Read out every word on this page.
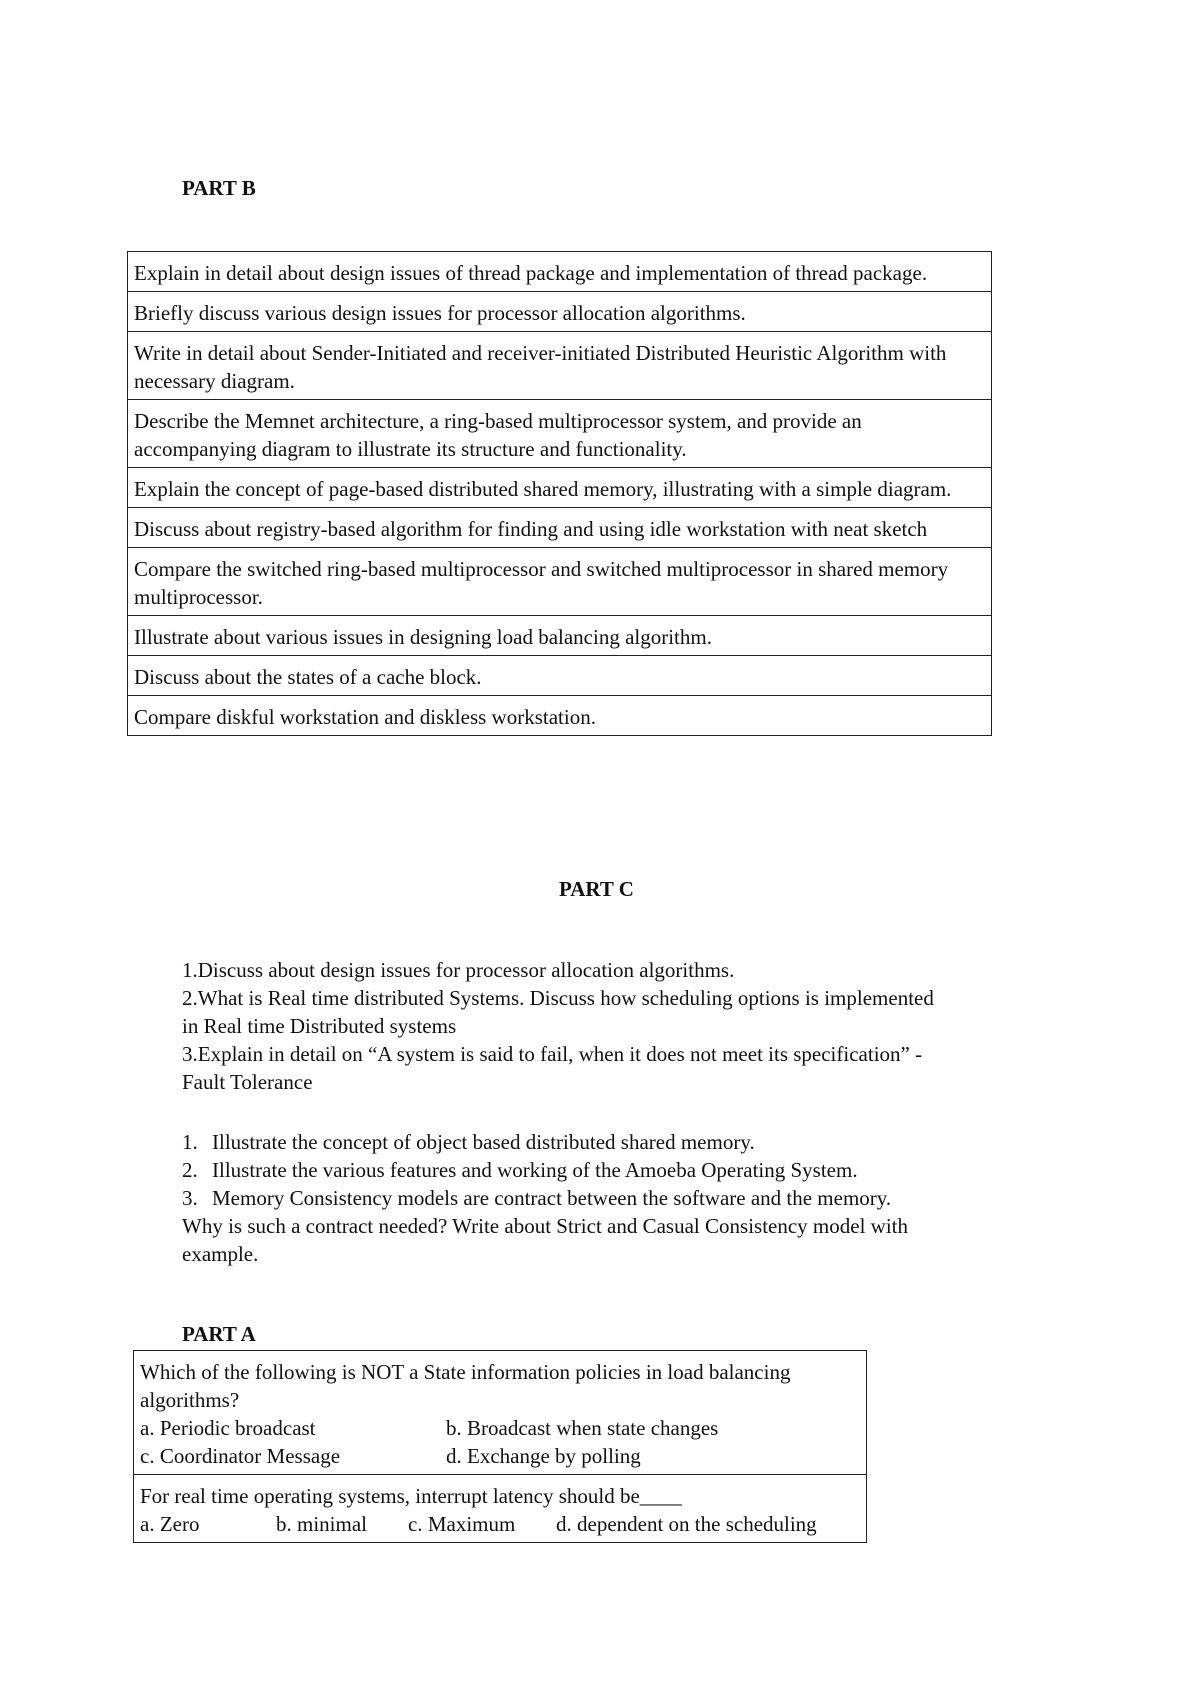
PART B
Explain in detail about design issues of thread package and implementation of thread package.
Briefly discuss various design issues for processor allocation algorithms.
Write in detail about Sender-Initiated and receiver-initiated Distributed Heuristic Algorithm with necessary diagram.
Describe the Memnet architecture, a ring-based multiprocessor system, and provide an accompanying diagram to illustrate its structure and functionality.
Explain the concept of page-based distributed shared memory, illustrating with a simple diagram.
Discuss about registry-based algorithm for finding and using idle workstation with neat sketch
Compare the switched ring-based multiprocessor and switched multiprocessor in shared memory multiprocessor.
Illustrate about various issues in designing load balancing algorithm.
Discuss about the states of a cache block.
Compare diskful workstation and diskless workstation.
PART C
1.Discuss about design issues for processor allocation algorithms.
2.What is Real time distributed Systems. Discuss how scheduling options is implemented in Real time Distributed systems
3.Explain in detail on “A system is said to fail, when it does not meet its specification” -Fault Tolerance
1. Illustrate the concept of object based distributed shared memory.
2. Illustrate the various features and working of the Amoeba Operating System.
3. Memory Consistency models are contract between the software and the memory.
Why is such a contract needed? Write about Strict and Casual Consistency model with example.
PART A
Which of the following is NOT a State information policies in load balancing algorithms?
a. Periodic broadcast	b. Broadcast when state changes
c. Coordinator Message	d. Exchange by polling

For real time operating systems, interrupt latency should be____
a. Zero	b. minimal	c. Maximum	d. dependent on the scheduling
